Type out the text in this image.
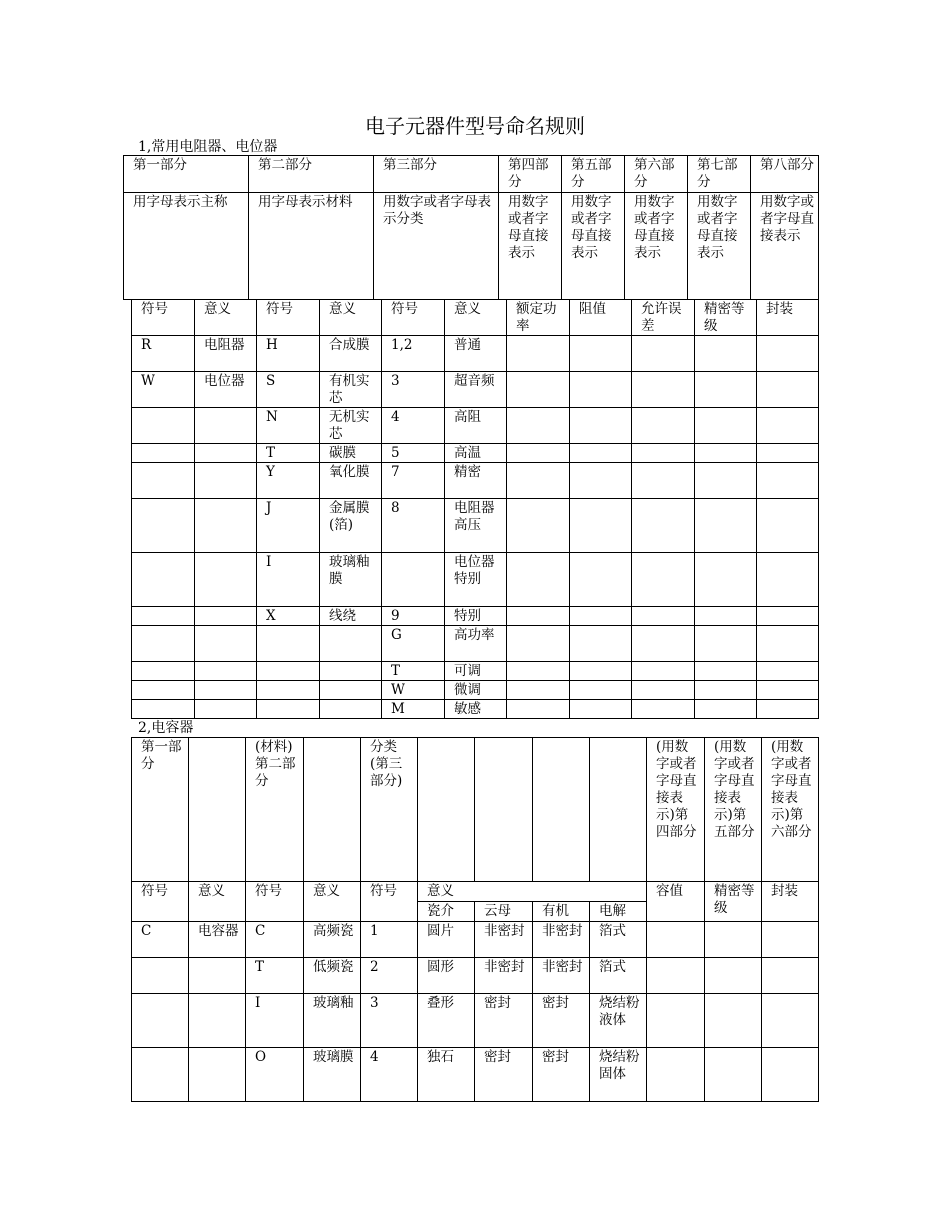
电子元器件型号命名规则
1,常用电阻器、电位器
第一部分	第二部分	第三部分	第四部分	第五部分	第六部分	第七部分	第八部分
用字母表示主称	用字母表示材料	用数字或者字母表示分类	用数字或者字母直接表示	用数字或者字母直接表示	用数字或者字母直接表示	用数字或者字母直接表示	用数字或者字母直接表示
符号	意义	符号	意义	符号	意义	额定功率	阻值	允许误差	精密等级	封装
R	电阻器	H	合成膜	1,2	普通					
W	电位器	S	有机实芯	3	超音频					
		N	无机实芯	4	高阻					
		T	碳膜	5	高温					
		Y	氧化膜	7	精密					
		J	金属膜(箔)	8	电阻器高压					
		I	玻璃釉膜		电位器特别					
		X	线绕	9	特别					
				G	高功率					
				T	可调					
				W	微调					
				M	敏感					
2,电容器
第一部分		(材料)第二部分		分类(第三部分)					(用数字或者字母直接表示)第四部分	(用数字或者字母直接表示)第五部分	(用数字或者字母直接表示)第六部分
符号	意义	符号	意义	符号	意义				容值	精密等级	封装
					瓷介	云母	有机	电解			
C	电容器	C	高频瓷	1	圆片	非密封	非密封	箔式			
		T	低频瓷	2	圆形	非密封	非密封	箔式			
		I	玻璃釉	3	叠形	密封	密封	烧结粉液体			
		O	玻璃膜	4	独石	密封	密封	烧结粉固体			
